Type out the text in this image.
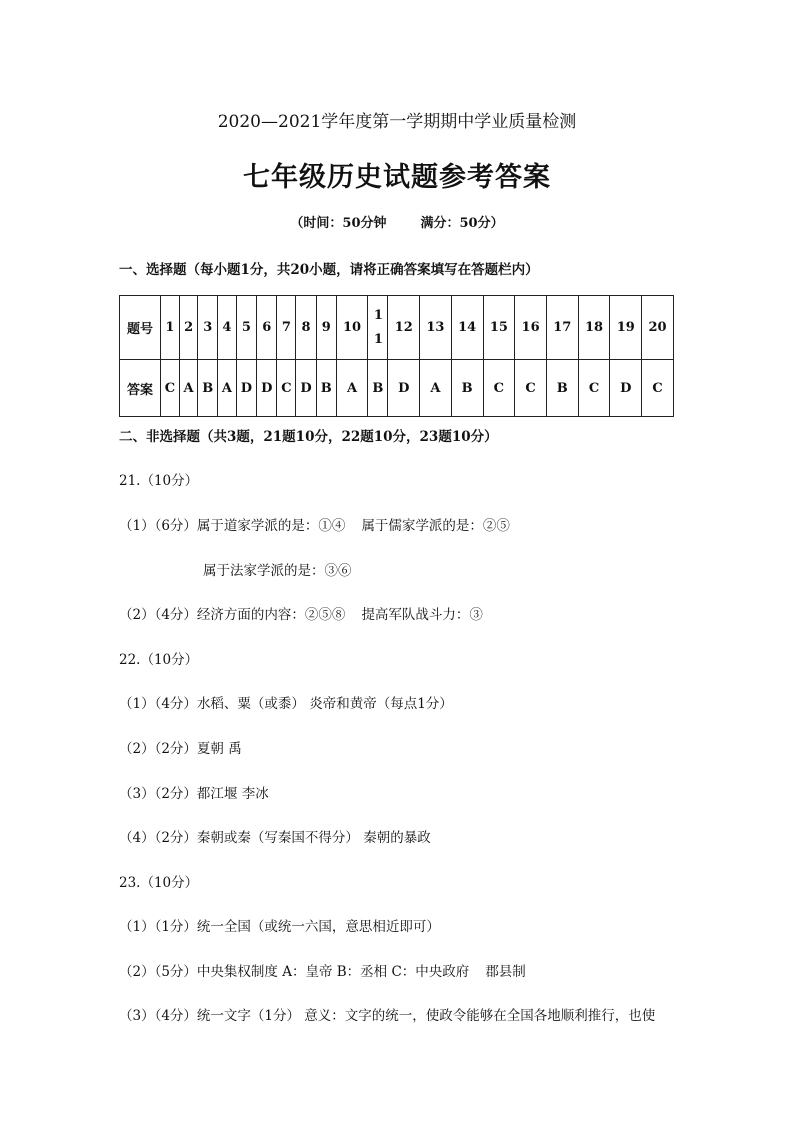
2020—2021学年度第一学期期中学业质量检测
七年级历史试题参考答案
（时间：50分钟	满分：50分）
一、选择题（每小题1分，共20小题，请将正确答案填写在答题栏内）
题号	1	2	3	4	5	6	7	8	9	10	11	12	13	14	15	16	17	18	19	20
答案	C	A	B	A	D	D	C	D	B	A	B	D	A	B	C	C	B	C	D	C
二、非选择题（共3题，21题10分，22题10分，23题10分）
21.（10分）
（1）（6分）属于道家学派的是：①④ 属于儒家学派的是：②⑤
属于法家学派的是：③⑥
（2）（4分）经济方面的内容：②⑤⑧ 提高军队战斗力：③
22.（10分）
（1）（4分）水稻、粟（或黍） 炎帝和黄帝（每点1分）
（2）（2分）夏朝 禹
（3）（2分）都江堰 李冰
（4）（2分）秦朝或秦（写秦国不得分） 秦朝的暴政
23.（10分）
（1）（1分）统一全国（或统一六国，意思相近即可）
（2）（5分）中央集权制度 A：皇帝 B：丞相 C：中央政府 郡县制
（3）（4分）统一文字（1分） 意义：文字的统一，使政令能够在全国各地顺利推行，也使
